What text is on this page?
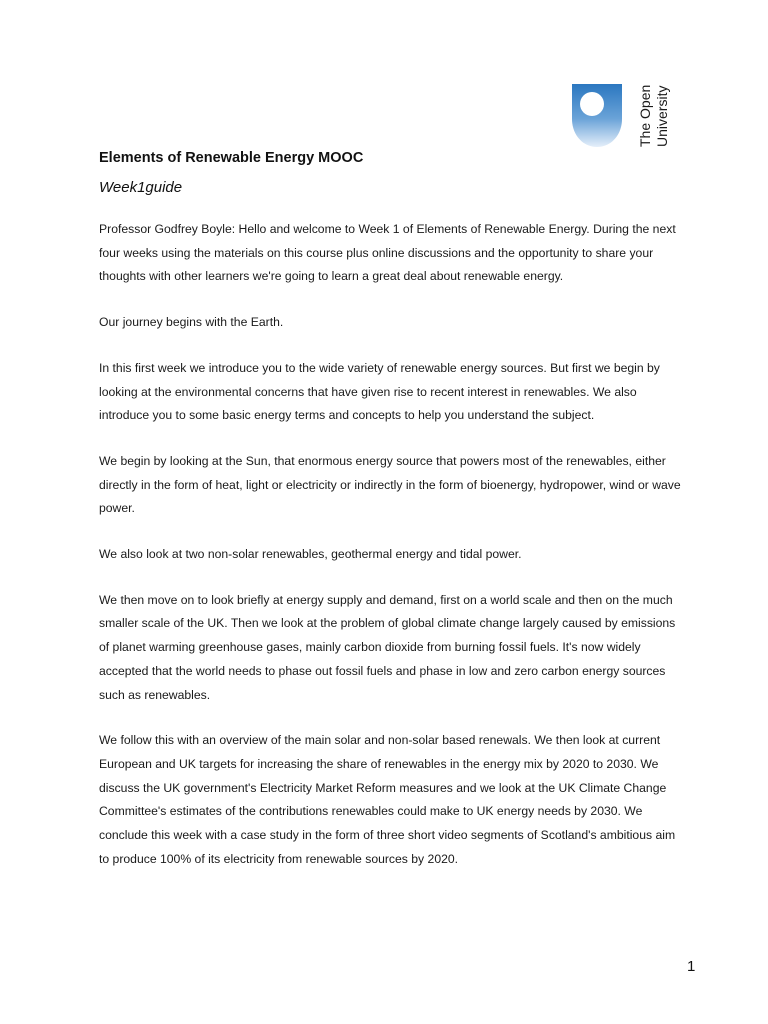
The Open University
Elements of Renewable Energy MOOC
Week1guide

Professor Godfrey Boyle: Hello and welcome to Week 1 of Elements of Renewable Energy. During the next four weeks using the materials on this course plus online discussions and the opportunity to share your thoughts with other learners we're going to learn a great deal about renewable energy.

Our journey begins with the Earth.

In this first week we introduce you to the wide variety of renewable energy sources. But first we begin by looking at the environmental concerns that have given rise to recent interest in renewables. We also introduce you to some basic energy terms and concepts to help you understand the subject.

We begin by looking at the Sun, that enormous energy source that powers most of the renewables, either directly in the form of heat, light or electricity or indirectly in the form of bioenergy, hydropower, wind or wave power.

We also look at two non-solar renewables, geothermal energy and tidal power.

We then move on to look briefly at energy supply and demand, first on a world scale and then on the much smaller scale of the UK. Then we look at the problem of global climate change largely caused by emissions of planet warming greenhouse gases, mainly carbon dioxide from burning fossil fuels. It's now widely accepted that the world needs to phase out fossil fuels and phase in low and zero carbon energy sources such as renewables.

We follow this with an overview of the main solar and non-solar based renewals. We then look at current European and UK targets for increasing the share of renewables in the energy mix by 2020 to 2030. We discuss the UK government's Electricity Market Reform measures and we look at the UK Climate Change Committee's estimates of the contributions renewables could make to UK energy needs by 2030. We conclude this week with a case study in the form of three short video segments of Scotland's ambitious aim to produce 100% of its electricity from renewable sources by 2020.

1
